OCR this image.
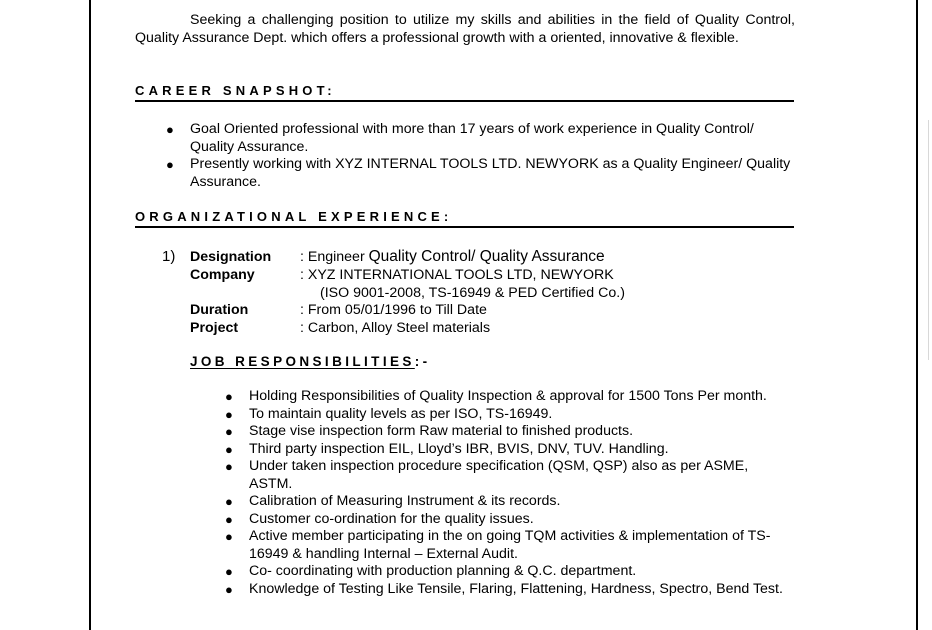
Seeking a challenging position to utilize my skills and abilities in the field of Quality Control, Quality Assurance Dept. which offers a professional growth with a oriented, innovative & flexible.

CAREER SNAPSHOT:
● Goal Oriented professional with more than 17 years of work experience in Quality Control/ Quality Assurance.
● Presently working with XYZ INTERNAL TOOLS LTD. NEWYORK as a Quality Engineer/ Quality Assurance.
ORGANIZATIONAL EXPERIENCE:
1) Designation	: Engineer Quality Control/ Quality Assurance
Company	: XYZ INTERNATIONAL TOOLS LTD, NEWYORK
(ISO 9001-2008, TS-16949 & PED Certified Co.)
Duration	: From 05/01/1996 to Till Date
Project	: Carbon, Alloy Steel materials
JOB RESPONSIBILITIES:-
● Holding Responsibilities of Quality Inspection & approval for 1500 Tons Per month.
● To maintain quality levels as per ISO, TS-16949.
● Stage vise inspection form Raw material to finished products.
● Third party inspection EIL, Lloyd’s IBR, BVIS, DNV, TUV. Handling.
● Under taken inspection procedure specification (QSM, QSP) also as per ASME, ASTM.
● Calibration of Measuring Instrument & its records.
● Customer co-ordination for the quality issues.
● Active member participating in the on going TQM activities & implementation of TS-16949 & handling Internal – External Audit.
● Co- coordinating with production planning & Q.C. department.
● Knowledge of Testing Like Tensile, Flaring, Flattening, Hardness, Spectro, Bend Test.
